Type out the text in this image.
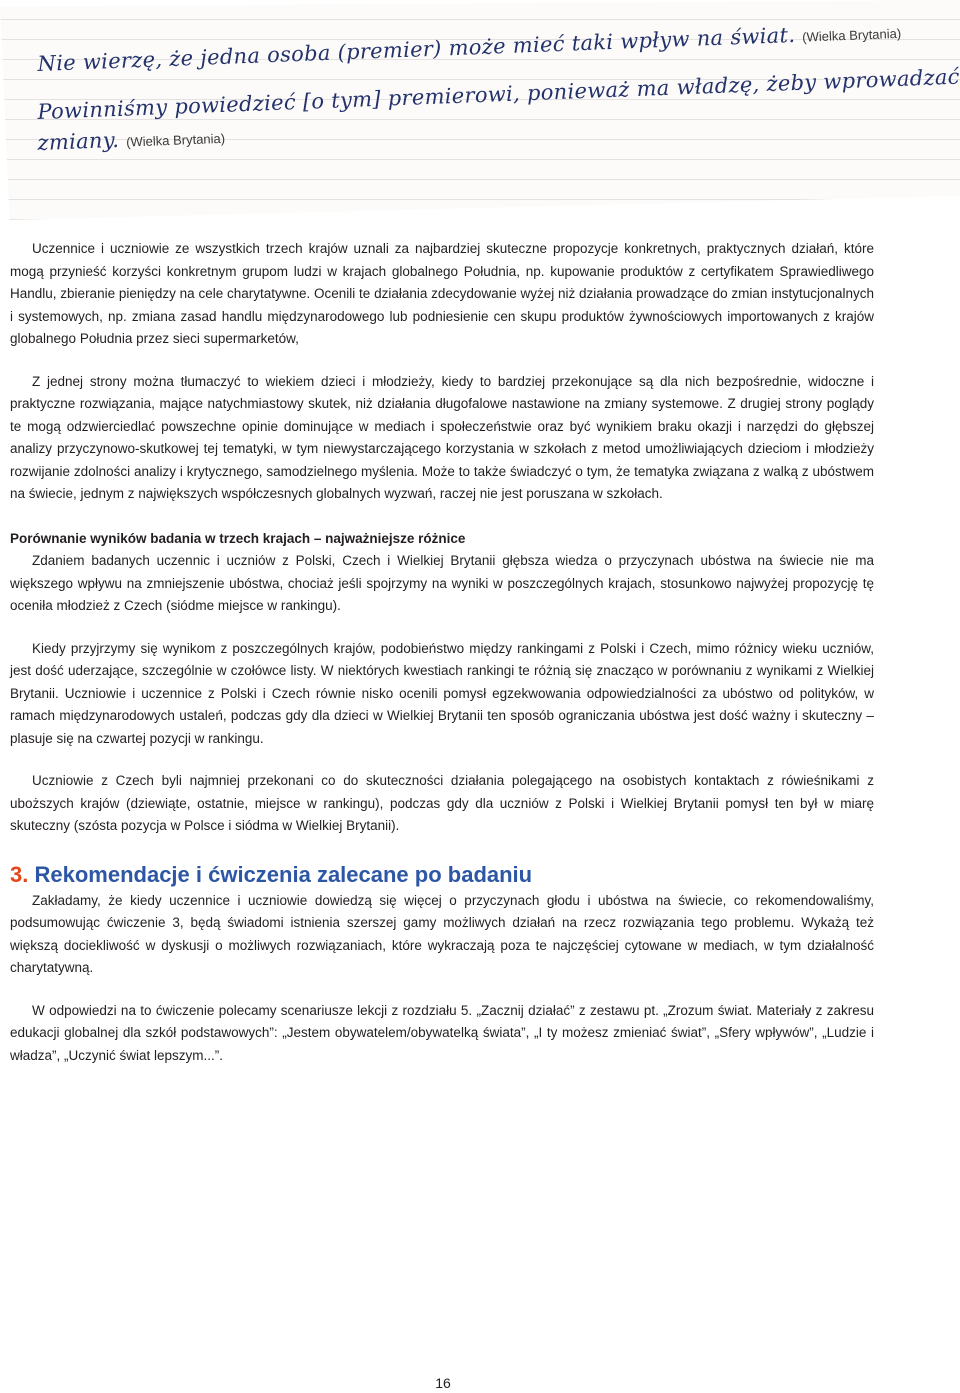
Nie wierzę, że jedna osoba (premier) może mieć taki wpływ na świat. (Wielka Brytania)
Powinniśmy powiedzieć [o tym] premierowi, ponieważ ma władzę, żeby wprowadzać
zmiany. (Wielka Brytania)

Uczennice i uczniowie ze wszystkich trzech krajów uznali za najbardziej skuteczne propozycje konkretnych, praktycznych działań, które mogą przynieść korzyści konkretnym grupom ludzi w krajach globalnego Południa, np. kupowanie produktów z certyfikatem Sprawiedliwego Handlu, zbieranie pieniędzy na cele charytatywne. Ocenili te działania zdecydowanie wyżej niż działania prowadzące do zmian instytucjonalnych i systemowych, np. zmiana zasad handlu międzynarodowego lub podniesienie cen skupu produktów żywnościowych importowanych z krajów globalnego Południa przez sieci supermarketów,

Z jednej strony można tłumaczyć to wiekiem dzieci i młodzieży, kiedy to bardziej przekonujące są dla nich bezpośrednie, widoczne i praktyczne rozwiązania, mające natychmiastowy skutek, niż działania długofalowe nastawione na zmiany systemowe. Z drugiej strony poglądy te mogą odzwierciedlać powszechne opinie dominujące w mediach i społeczeństwie oraz być wynikiem braku okazji i narzędzi do głębszej analizy przyczynowo-skutkowej tej tematyki, w tym niewystarczającego korzystania w szkołach z metod umożliwiających dzieciom i młodzieży rozwijanie zdolności analizy i krytycznego, samodzielnego myślenia. Może to także świadczyć o tym, że tematyka związana z walką z ubóstwem na świecie, jednym z największych współczesnych globalnych wyzwań, raczej nie jest poruszana w szkołach.

Porównanie wyników badania w trzech krajach – najważniejsze różnice

Zdaniem badanych uczennic i uczniów z Polski, Czech i Wielkiej Brytanii głębsza wiedza o przyczynach ubóstwa na świecie nie ma większego wpływu na zmniejszenie ubóstwa, chociaż jeśli spojrzymy na wyniki w poszczególnych krajach, stosunkowo najwyżej propozycję tę oceniła młodzież z Czech (siódme miejsce w rankingu).

Kiedy przyjrzymy się wynikom z poszczególnych krajów, podobieństwo między rankingami z Polski i Czech, mimo różnicy wieku uczniów, jest dość uderzające, szczególnie w czołówce listy. W niektórych kwestiach rankingi te różnią się znacząco w porównaniu z wynikami z Wielkiej Brytanii. Uczniowie i uczennice z Polski i Czech równie nisko ocenili pomysł egzekwowania odpowiedzialności za ubóstwo od polityków, w ramach międzynarodowych ustaleń, podczas gdy dla dzieci w Wielkiej Brytanii ten sposób ograniczania ubóstwa jest dość ważny i skuteczny – plasuje się na czwartej pozycji w rankingu.

Uczniowie z Czech byli najmniej przekonani co do skuteczności działania polegającego na osobistych kontaktach z rówieśnikami z uboższych krajów (dziewiąte, ostatnie, miejsce w rankingu), podczas gdy dla uczniów z Polski i Wielkiej Brytanii pomysł ten był w miarę skuteczny (szósta pozycja w Polsce i siódma w Wielkiej Brytanii).

3. Rekomendacje i ćwiczenia zalecane po badaniu

Zakładamy, że kiedy uczennice i uczniowie dowiedzą się więcej o przyczynach głodu i ubóstwa na świecie, co rekomendowaliśmy, podsumowując ćwiczenie 3, będą świadomi istnienia szerszej gamy możliwych działań na rzecz rozwiązania tego problemu. Wykażą też większą dociekliwość w dyskusji o możliwych rozwiązaniach, które wykraczają poza te najczęściej cytowane w mediach, w tym działalność charytatywną.

W odpowiedzi na to ćwiczenie polecamy scenariusze lekcji z rozdziału 5. „Zacznij działać” z zestawu pt. „Zrozum świat. Materiały z zakresu edukacji globalnej dla szkół podstawowych”: „Jestem obywatelem/obywatelką świata”, „I ty możesz zmieniać świat”, „Sfery wpływów”, „Ludzie i władza”, „Uczynić świat lepszym...”.

16
